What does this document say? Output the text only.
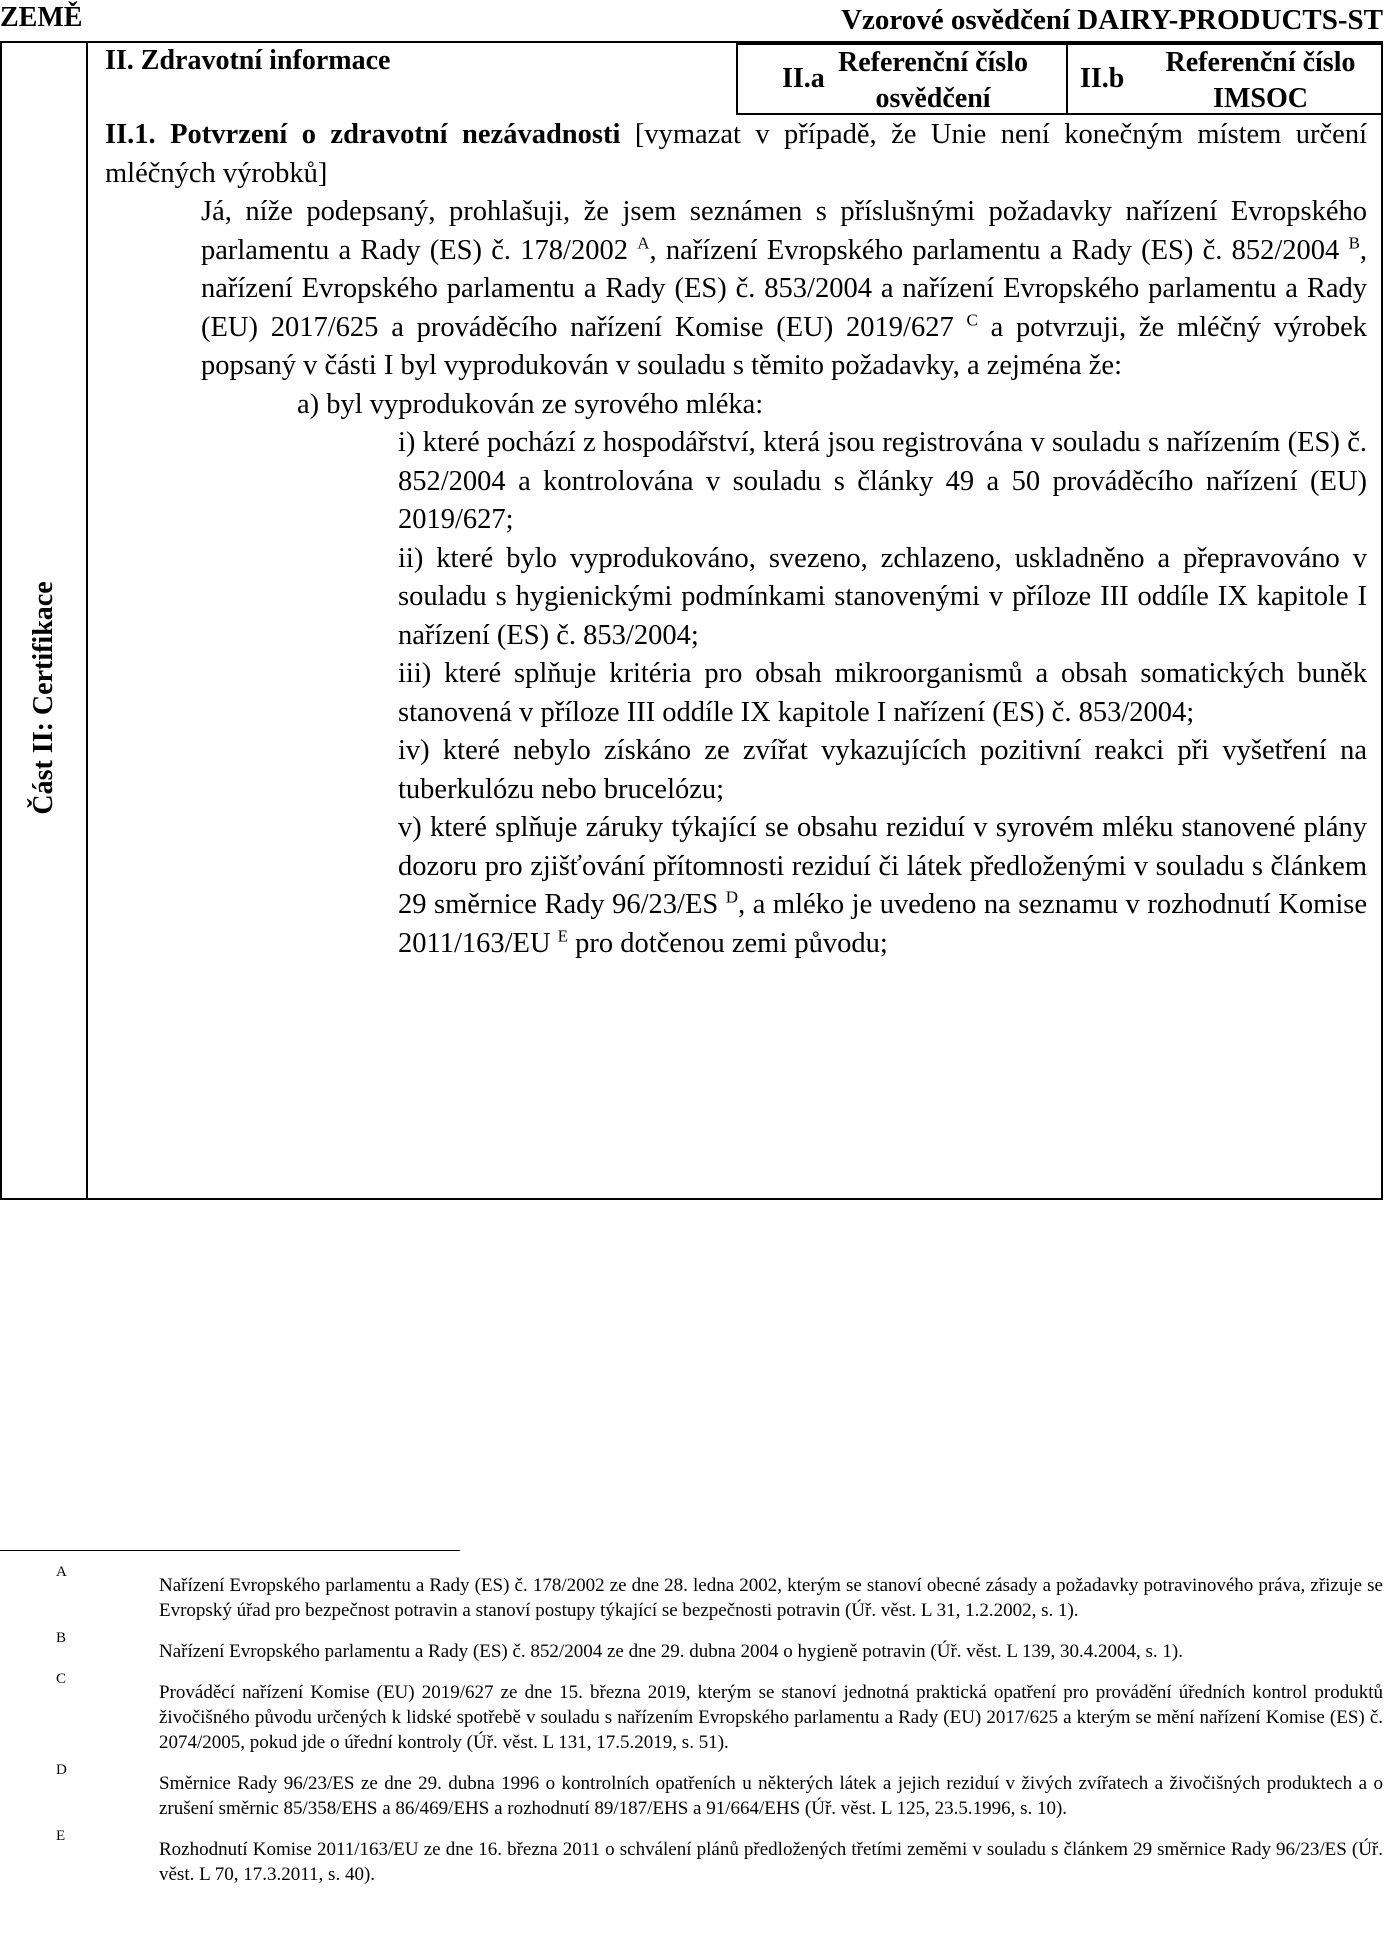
ZEMĚ	Vzorové osvědčení DAIRY-PRODUCTS-ST
Část II: Certifikace
II. Zdravotní informace
II.a
Referenční číslo osvědčení
II.b
Referenční číslo IMSOC

II.1. Potvrzení o zdravotní nezávadnosti [vymazat v případě, že Unie není konečným místem určení mléčných výrobků]

Já, níže podepsaný, prohlašuji, že jsem seznámen s příslušnými požadavky nařízení Evropského parlamentu a Rady (ES) č. 178/2002 $^A$, nařízení Evropského parlamentu a Rady (ES) č. 852/2004 $^B$, nařízení Evropského parlamentu a Rady (ES) č. 853/2004 a nařízení Evropského parlamentu a Rady (EU) 2017/625 a prováděcího nařízení Komise (EU) 2019/627 $^C$ a potvrzuji, že mléčný výrobek popsaný v části I byl vyprodukován v souladu s těmito požadavky, a zejména že:

a) byl vyprodukován ze syrového mléka:

i) které pochází z hospodářství, která jsou registrována v souladu s nařízením (ES) č. 852/2004 a kontrolována v souladu s články 49 a 50 prováděcího nařízení (EU) 2019/627;

ii) které bylo vyprodukováno, svezeno, zchlazeno, uskladněno a přepravováno v souladu s hygienickými podmínkami stanovenými v příloze III oddíle IX kapitole I nařízení (ES) č. 853/2004;

iii) které splňuje kritéria pro obsah mikroorganismů a obsah somatických buněk stanovená v příloze III oddíle IX kapitole I nařízení (ES) č. 853/2004;

iv) které nebylo získáno ze zvířat vykazujících pozitivní reakci při vyšetření na tuberkulózu nebo brucelózu;

v) které splňuje záruky týkající se obsahu reziduí v syrovém mléku stanovené plány dozoru pro zjišťování přítomnosti reziduí či látek předloženými v souladu s článkem 29 směrnice Rady 96/23/ES $^D$, a mléko je uvedeno na seznamu v rozhodnutí Komise 2011/163/EU $^E$ pro dotčenou zemi původu;

A
Nařízení Evropského parlamentu a Rady (ES) č. 178/2002 ze dne 28. ledna 2002, kterým se stanoví obecné zásady a požadavky potravinového práva, zřizuje se Evropský úřad pro bezpečnost potravin a stanoví postupy týkající se bezpečnosti potravin (Úř. věst. L 31, 1.2.2002, s. 1).
B
Nařízení Evropského parlamentu a Rady (ES) č. 852/2004 ze dne 29. dubna 2004 o hygieně potravin (Úř. věst. L 139, 30.4.2004, s. 1).
C
Prováděcí nařízení Komise (EU) 2019/627 ze dne 15. března 2019, kterým se stanoví jednotná praktická opatření pro provádění úředních kontrol produktů živočišného původu určených k lidské spotřebě v souladu s nařízením Evropského parlamentu a Rady (EU) 2017/625 a kterým se mění nařízení Komise (ES) č. 2074/2005, pokud jde o úřední kontroly (Úř. věst. L 131, 17.5.2019, s. 51).
D
Směrnice Rady 96/23/ES ze dne 29. dubna 1996 o kontrolních opatřeních u některých látek a jejich reziduí v živých zvířatech a živočišných produktech a o zrušení směrnic 85/358/EHS a 86/469/EHS a rozhodnutí 89/187/EHS a 91/664/EHS (Úř. věst. L 125, 23.5.1996, s. 10).
E
Rozhodnutí Komise 2011/163/EU ze dne 16. března 2011 o schválení plánů předložených třetími zeměmi v souladu s článkem 29 směrnice Rady 96/23/ES (Úř. věst. L 70, 17.3.2011, s. 40).
